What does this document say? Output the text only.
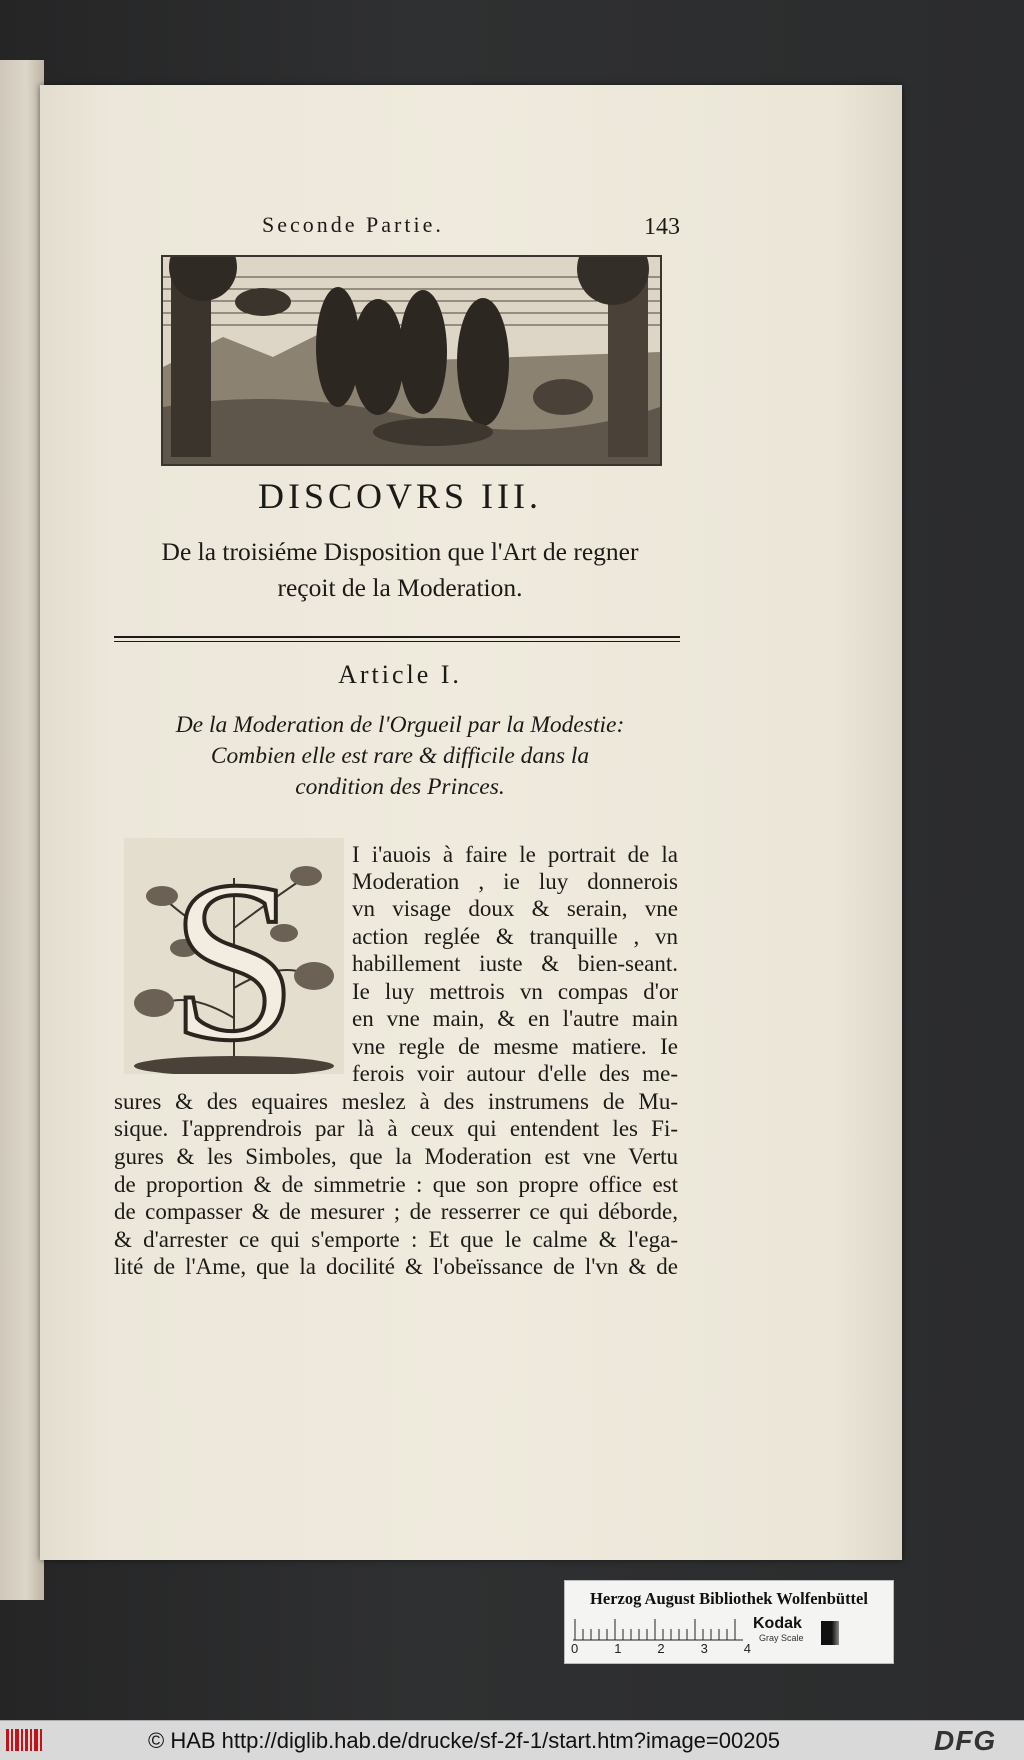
Seconde Partie.	143
DISCOVRS III.
De la troisiéme Disposition que l'Art de regner
reçoit de la Moderation.
Article I.
De la Moderation de l'Orgueil par la Modestie:
Combien elle est rare & difficile dans la
condition des Princes.
S I i'auois à faire le portrait de la
Moderation , ie luy donnerois
vn visage doux & serain, vne
action reglée & tranquille , vn
habillement iuste & bien-seant.
Ie luy mettrois vn compas d'or
en vne main, & en l'autre main
vne regle de mesme matiere. Ie
ferois voir autour d'elle des me-
sures & des equaires meslez à des instrumens de Mu-
sique. I'apprendrois par là à ceux qui entendent les Fi-
gures & les Simboles, que la Moderation est vne Vertu
de proportion & de simmetrie : que son propre office est
de compasser & de mesurer ; de resserrer ce qui déborde,
& d'arrester ce qui s'emporte : Et que le calme & l'ega-
lité de l'Ame, que la docilité & l'obeïssance de l'vn & de
Herzog August Bibliothek Wolfenbüttel
0	1	2	3	4
Kodak
Gray Scale
© HAB http://diglib.hab.de/drucke/sf-2f-1/start.htm?image=00205	DFG
